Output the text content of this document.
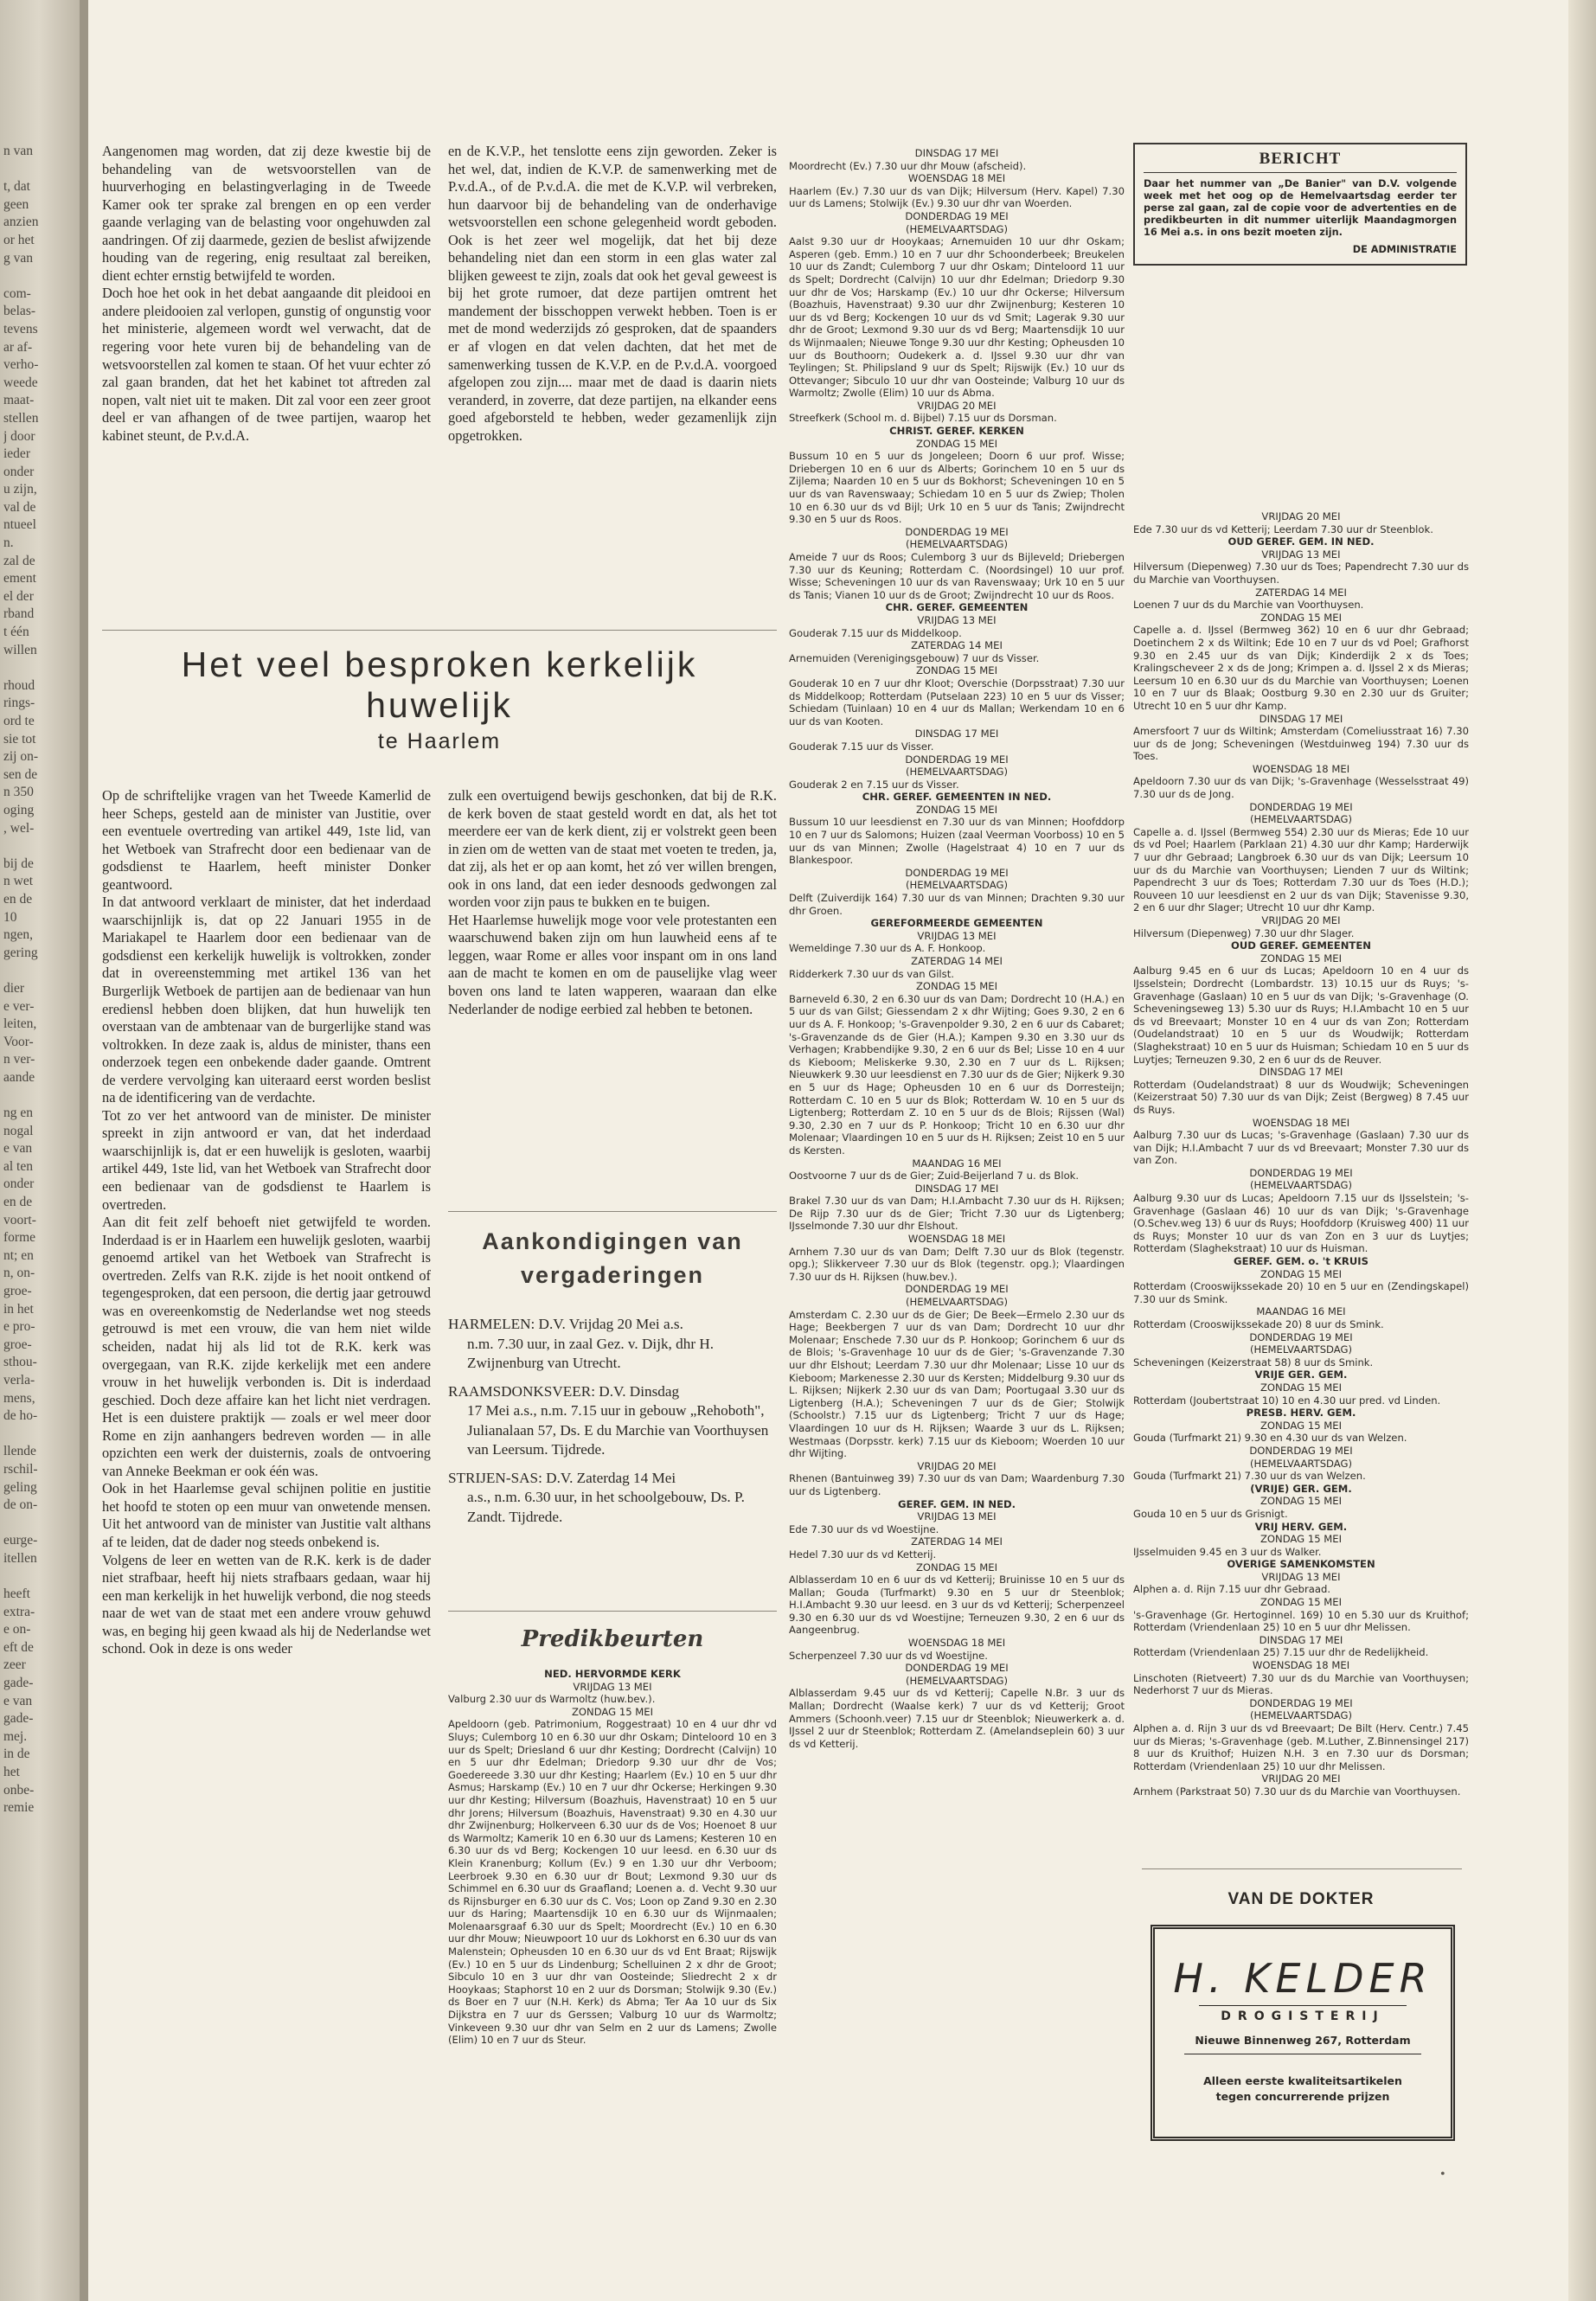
n van
t, dat
geen
anzien
or het
g van
com-
belas-
tevens
ar af-
verho-
weede
maat-
stellen
j door
ieder
onder
u zijn,
val de
ntueel
n.
zal de
ement
el der
rband
t één
willen
rhoud
rings-
ord te
sie tot
zij on-
sen de
n 350
oging
, wel-
bij de
n wet
en de
10
ngen,
gering
dier
e ver-
leiten,
Voor-
n ver-
aande
ng en
nogal
e van
al ten
onder
en de
voort-
forme
nt; en
n, on-
groe-
in het
e pro-
groe-
sthou-
verla-
mens,
de ho-
llende
rschil-
geling
de on-
eurge-
itellen
heeft
extra-
e on-
eft de
zeer
gade-
e van
gade-
mej.
in de
het
onbe-
remie

Aangenomen mag worden, dat zij deze kwestie bij de behandeling van de wetsvoorstellen van de huurverhoging en belastingverlaging in de Tweede Kamer ook ter sprake zal brengen en op een verder gaande verlaging van de belasting voor ongehuwden zal aandringen. Of zij daarmede, gezien de beslist afwijzende houding van de regering, enig resultaat zal bereiken, dient echter ernstig betwijfeld te worden.

Doch hoe het ook in het debat aangaande dit pleidooi en andere pleidooien zal verlopen, gunstig of ongunstig voor het ministerie, algemeen wordt wel verwacht, dat de regering voor hete vuren bij de behandeling van de wetsvoorstellen zal komen te staan. Of het vuur echter zó zal gaan branden, dat het het kabinet tot aftreden zal nopen, valt niet uit te maken. Dit zal voor een zeer groot deel er van afhangen of de twee partijen, waarop het kabinet steunt, de P.v.d.A.

en de K.V.P., het tenslotte eens zijn geworden. Zeker is het wel, dat, indien de K.V.P. de samenwerking met de P.v.d.A., of de P.v.d.A. die met de K.V.P. wil verbreken, hun daarvoor bij de behandeling van de onderhavige wetsvoorstellen een schone gelegenheid wordt geboden. Ook is het zeer wel mogelijk, dat het bij deze behandeling niet dan een storm in een glas water zal blijken geweest te zijn, zoals dat ook het geval geweest is bij het grote rumoer, dat deze partijen omtrent het mandement der bisschoppen verwekt hebben. Toen is er met de mond wederzijds zó gesproken, dat de spaanders er af vlogen en dat velen dachten, dat het met de samenwerking tussen de K.V.P. en de P.v.d.A. voorgoed afgelopen zou zijn.... maar met de daad is daarin niets veranderd, in zoverre, dat deze partijen, na elkander eens goed afgeborsteld te hebben, weder gezamenlijk zijn opgetrokken.

Het veel besproken kerkelijk huwelijk
te Haarlem

Op de schriftelijke vragen van het Tweede Kamerlid de heer Scheps, gesteld aan de minister van Justitie, over een eventuele overtreding van artikel 449, 1ste lid, van het Wetboek van Strafrecht door een bedienaar van de godsdienst te Haarlem, heeft minister Donker geantwoord.

In dat antwoord verklaart de minister, dat het inderdaad waarschijnlijk is, dat op 22 Januari 1955 in de Mariakapel te Haarlem door een bedienaar van de godsdienst een kerkelijk huwelijk is voltrokken, zonder dat in overeenstemming met artikel 136 van het Burgerlijk Wetboek de partijen aan de bedienaar van hun erediensl hebben doen blijken, dat hun huwelijk ten overstaan van de ambtenaar van de burgerlijke stand was voltrokken. In deze zaak is, aldus de minister, thans een onderzoek tegen een onbekende dader gaande. Omtrent de verdere vervolging kan uiteraard eerst worden beslist na de identificering van de verdachte.

Tot zo ver het antwoord van de minister. De minister spreekt in zijn antwoord er van, dat het inderdaad waarschijnlijk is, dat er een huwelijk is gesloten, waarbij artikel 449, 1ste lid, van het Wetboek van Strafrecht door een bedienaar van de godsdienst te Haarlem is overtreden.

Aan dit feit zelf behoeft niet getwijfeld te worden. Inderdaad is er in Haarlem een huwelijk gesloten, waarbij genoemd artikel van het Wetboek van Strafrecht is overtreden. Zelfs van R.K. zijde is het nooit ontkend of tegengesproken, dat een persoon, die dertig jaar getrouwd was en overeenkomstig de Nederlandse wet nog steeds getrouwd is met een vrouw, die van hem niet wilde scheiden, nadat hij als lid tot de R.K. kerk was overgegaan, van R.K. zijde kerkelijk met een andere vrouw in het huwelijk verbonden is. Dit is inderdaad geschied. Doch deze affaire kan het licht niet verdragen. Het is een duistere praktijk — zoals er wel meer door Rome en zijn aanhangers bedreven worden — in alle opzichten een werk der duisternis, zoals de ontvoering van Anneke Beekman er ook één was.

Ook in het Haarlemse geval schijnen politie en justitie het hoofd te stoten op een muur van onwetende mensen. Uit het antwoord van de minister van Justitie valt althans af te leiden, dat de dader nog steeds onbekend is.

Volgens de leer en wetten van de R.K. kerk is de dader niet strafbaar, heeft hij niets strafbaars gedaan, waar hij een man kerkelijk in het huwelijk verbond, die nog steeds naar de wet van de staat met een andere vrouw gehuwd was, en beging hij geen kwaad als hij de Nederlandse wet schond. Ook in deze is ons weder

zulk een overtuigend bewijs geschonken, dat bij de R.K. de kerk boven de staat gesteld wordt en dat, als het tot meerdere eer van de kerk dient, zij er volstrekt geen been in zien om de wetten van de staat met voeten te treden, ja, dat zij, als het er op aan komt, het zó ver willen brengen, ook in ons land, dat een ieder desnoods gedwongen zal worden voor zijn paus te bukken en te buigen.

Het Haarlemse huwelijk moge voor vele protestanten een waarschuwend baken zijn om hun lauwheid eens af te leggen, waar Rome er alles voor inspant om in ons land aan de macht te komen en om de pauselijke vlag weer boven ons land te laten wapperen, waaraan dan elke Nederlander de nodige eerbied zal hebben te betonen.

Aankondigingen van
vergaderingen
HARMELEN: D.V. Vrijdag 20 Mei a.s.
n.m. 7.30 uur, in zaal Gez. v. Dijk, dhr H. Zwijnenburg van Utrecht.
RAAMSDONKSVEER: D.V. Dinsdag
17 Mei a.s., n.m. 7.15 uur in gebouw „Rehoboth", Julianalaan 57, Ds. E du Marchie van Voorthuysen van Leersum. Tijdrede.
STRIJEN-SAS: D.V. Zaterdag 14 Mei
a.s., n.m. 6.30 uur, in het schoolgebouw, Ds. P. Zandt. Tijdrede.
Predikbeurten
NED. HERVORMDE KERK
VRIJDAG 13 MEI
Valburg 2.30 uur ds Warmoltz (huw.bev.).
ZONDAG 15 MEI
Apeldoorn (geb. Patrimonium, Roggestraat) 10 en 4 uur dhr vd Sluys; Culemborg 10 en 6.30 uur dhr Oskam; Dinteloord 10 en 3 uur ds Spelt; Driesland 6 uur dhr Kesting; Dordrecht (Calvijn) 10 en 5 uur dhr Edelman; Driedorp 9.30 uur dhr de Vos; Goedereede 3.30 uur dhr Kesting; Haarlem (Ev.) 10 en 5 uur dhr Asmus; Harskamp (Ev.) 10 en 7 uur dhr Ockerse; Herkingen 9.30 uur dhr Kesting; Hilversum (Boazhuis, Havenstraat) 10 en 5 uur dhr Jorens; Hilversum (Boazhuis, Havenstraat) 9.30 en 4.30 uur dhr Zwijnenburg; Holkerveen 6.30 uur ds de Vos; Hoenoet 8 uur ds Warmoltz; Kamerik 10 en 6.30 uur ds Lamens; Kesteren 10 en 6.30 uur ds vd Berg; Kockengen 10 uur leesd. en 6.30 uur ds Klein Kranenburg; Kollum (Ev.) 9 en 1.30 uur dhr Verboom; Leerbroek 9.30 en 6.30 uur dr Bout; Lexmond 9.30 uur ds Schimmel en 6.30 uur ds Graafland; Loenen a. d. Vecht 9.30 uur ds Rijnsburger en 6.30 uur ds C. Vos; Loon op Zand 9.30 en 2.30 uur ds Haring; Maartensdijk 10 en 6.30 uur ds Wijnmaalen; Molenaarsgraaf 6.30 uur ds Spelt; Moordrecht (Ev.) 10 en 6.30 uur dhr Mouw; Nieuwpoort 10 uur ds Lokhorst en 6.30 uur ds van Malenstein; Opheusden 10 en 6.30 uur ds vd Ent Braat; Rijswijk (Ev.) 10 en 5 uur ds Lindenburg; Schelluinen 2 x dhr de Groot; Sibculo 10 en 3 uur dhr van Oosteinde; Sliedrecht 2 x dr Hooykaas; Staphorst 10 en 2 uur ds Dorsman; Stolwijk 9.30 (Ev.) ds Boer en 7 uur (N.H. Kerk) ds Abma; Ter Aa 10 uur ds Six Dijkstra en 7 uur ds Gerssen; Valburg 10 uur ds Warmoltz; Vinkeveen 9.30 uur dhr van Selm en 2 uur ds Lamens; Zwolle (Elim) 10 en 7 uur ds Steur.
DINSDAG 17 MEI
Moordrecht (Ev.) 7.30 uur dhr Mouw (afscheid).
WOENSDAG 18 MEI
Haarlem (Ev.) 7.30 uur ds van Dijk; Hilversum (Herv. Kapel) 7.30 uur ds Lamens; Stolwijk (Ev.) 9.30 uur dhr van Woerden.
DONDERDAG 19 MEI
(HEMELVAARTSDAG)
Aalst 9.30 uur dr Hooykaas; Arnemuiden 10 uur dhr Oskam; Asperen (geb. Emm.) 10 en 7 uur dhr Schoonderbeek; Breukelen 10 uur ds Zandt; Culemborg 7 uur dhr Oskam; Dinteloord 11 uur ds Spelt; Dordrecht (Calvijn) 10 uur dhr Edelman; Driedorp 9.30 uur dhr de Vos; Harskamp (Ev.) 10 uur dhr Ockerse; Hilversum (Boazhuis, Havenstraat) 9.30 uur dhr Zwijnenburg; Kesteren 10 uur ds vd Berg; Kockengen 10 uur ds vd Smit; Lagerak 9.30 uur dhr de Groot; Lexmond 9.30 uur ds vd Berg; Maartensdijk 10 uur ds Wijnmaalen; Nieuwe Tonge 9.30 uur dhr Kesting; Opheusden 10 uur ds Bouthoorn; Oudekerk a. d. IJssel 9.30 uur dhr van Teylingen; St. Philipsland 9 uur ds Spelt; Rijswijk (Ev.) 10 uur ds Ottevanger; Sibculo 10 uur dhr van Oosteinde; Valburg 10 uur ds Warmoltz; Zwolle (Elim) 10 uur ds Abma.
VRIJDAG 20 MEI
Streefkerk (School m. d. Bijbel) 7.15 uur ds Dorsman.
CHRIST. GEREF. KERKEN
ZONDAG 15 MEI
Bussum 10 en 5 uur ds Jongeleen; Doorn 6 uur prof. Wisse; Driebergen 10 en 6 uur ds Alberts; Gorinchem 10 en 5 uur ds Zijlema; Naarden 10 en 5 uur ds Bokhorst; Scheveningen 10 en 5 uur ds van Ravenswaay; Schiedam 10 en 5 uur ds Zwiep; Tholen 10 en 6.30 uur ds vd Bijl; Urk 10 en 5 uur ds Tanis; Zwijndrecht 9.30 en 5 uur ds Roos.
DONDERDAG 19 MEI
(HEMELVAARTSDAG)
Ameide 7 uur ds Roos; Culemborg 3 uur ds Bijleveld; Driebergen 7.30 uur ds Keuning; Rotterdam C. (Noordsingel) 10 uur prof. Wisse; Scheveningen 10 uur ds van Ravenswaay; Urk 10 en 5 uur ds Tanis; Vianen 10 uur ds de Groot; Zwijndrecht 10 uur ds Roos.
CHR. GEREF. GEMEENTEN
VRIJDAG 13 MEI
Gouderak 7.15 uur ds Middelkoop.
ZATERDAG 14 MEI
Arnemuiden (Verenigingsgebouw) 7 uur ds Visser.
ZONDAG 15 MEI
Gouderak 10 en 7 uur dhr Kloot; Overschie (Dorpsstraat) 7.30 uur ds Middelkoop; Rotterdam (Putselaan 223) 10 en 5 uur ds Visser; Schiedam (Tuinlaan) 10 en 4 uur ds Mallan; Werkendam 10 en 6 uur ds van Kooten.
DINSDAG 17 MEI
Gouderak 7.15 uur ds Visser.
DONDERDAG 19 MEI
(HEMELVAARTSDAG)
Gouderak 2 en 7.15 uur ds Visser.
CHR. GEREF. GEMEENTEN IN NED.
ZONDAG 15 MEI
Bussum 10 uur leesdienst en 7.30 uur ds van Minnen; Hoofddorp 10 en 7 uur ds Salomons; Huizen (zaal Veerman Voorboss) 10 en 5 uur ds van Minnen; Zwolle (Hagelstraat 4) 10 en 7 uur ds Blankespoor.
DONDERDAG 19 MEI
(HEMELVAARTSDAG)
Delft (Zuiverdijk 164) 7.30 uur ds van Minnen; Drachten 9.30 uur dhr Groen.
GEREFORMEERDE GEMEENTEN
VRIJDAG 13 MEI
Wemeldinge 7.30 uur ds A. F. Honkoop.
ZATERDAG 14 MEI
Ridderkerk 7.30 uur ds van Gilst.
ZONDAG 15 MEI
Barneveld 6.30, 2 en 6.30 uur ds van Dam; Dordrecht 10 (H.A.) en 5 uur ds van Gilst; Giessendam 2 x dhr Wijting; Goes 9.30, 2 en 6 uur ds A. F. Honkoop; 's-Gravenpolder 9.30, 2 en 6 uur ds Cabaret; 's-Gravenzande ds de Gier (H.A.); Kampen 9.30 en 3.30 uur ds Verhagen; Krabbendijke 9.30, 2 en 6 uur ds Bel; Lisse 10 en 4 uur ds Kieboom; Meliskerke 9.30, 2.30 en 7 uur ds L. Rijksen; Nieuwkerk 9.30 uur leesdienst en 7.30 uur ds de Gier; Nijkerk 9.30 en 5 uur ds Hage; Opheusden 10 en 6 uur ds Dorresteijn; Rotterdam C. 10 en 5 uur ds Blok; Rotterdam W. 10 en 5 uur ds Ligtenberg; Rotterdam Z. 10 en 5 uur ds de Blois; Rijssen (Wal) 9.30, 2.30 en 7 uur ds P. Honkoop; Tricht 10 en 6.30 uur dhr Molenaar; Vlaardingen 10 en 5 uur ds H. Rijksen; Zeist 10 en 5 uur ds Kersten.
MAANDAG 16 MEI
Oostvoorne 7 uur ds de Gier; Zuid-Beijerland 7 u. ds Blok.
DINSDAG 17 MEI
Brakel 7.30 uur ds van Dam; H.I.Ambacht 7.30 uur ds H. Rijksen; De Rijp 7.30 uur ds de Gier; Tricht 7.30 uur ds Ligtenberg; IJsselmonde 7.30 uur dhr Elshout.
WOENSDAG 18 MEI
Arnhem 7.30 uur ds van Dam; Delft 7.30 uur ds Blok (tegenstr. opg.); Slikkerveer 7.30 uur ds Blok (tegenstr. opg.); Vlaardingen 7.30 uur ds H. Rijksen (huw.bev.).
DONDERDAG 19 MEI
(HEMELVAARTSDAG)
Amsterdam C. 2.30 uur ds de Gier; De Beek—Ermelo 2.30 uur ds Hage; Beekbergen 7 uur ds van Dam; Dordrecht 10 uur dhr Molenaar; Enschede 7.30 uur ds P. Honkoop; Gorinchem 6 uur ds de Blois; 's-Gravenhage 10 uur ds de Gier; 's-Gravenzande 7.30 uur dhr Elshout; Leerdam 7.30 uur dhr Molenaar; Lisse 10 uur ds Kieboom; Markenesse 2.30 uur ds Kersten; Middelburg 9.30 uur ds L. Rijksen; Nijkerk 2.30 uur ds van Dam; Poortugaal 3.30 uur ds Ligtenberg (H.A.); Scheveningen 7 uur ds de Gier; Stolwijk (Schoolstr.) 7.15 uur ds Ligtenberg; Tricht 7 uur ds Hage; Vlaardingen 10 uur ds H. Rijksen; Waarde 3 uur ds L. Rijksen; Westmaas (Dorpsstr. kerk) 7.15 uur ds Kieboom; Woerden 10 uur dhr Wijting.
VRIJDAG 20 MEI
Rhenen (Bantuinweg 39) 7.30 uur ds van Dam; Waardenburg 7.30 uur ds Ligtenberg.
GEREF. GEM. IN NED.
VRIJDAG 13 MEI
Ede 7.30 uur ds vd Woestijne.
ZATERDAG 14 MEI
Hedel 7.30 uur ds vd Ketterij.
ZONDAG 15 MEI
Alblasserdam 10 en 6 uur ds vd Ketterij; Bruinisse 10 en 5 uur ds Mallan; Gouda (Turfmarkt) 9.30 en 5 uur dr Steenblok; H.I.Ambacht 9.30 uur leesd. en 3 uur ds vd Ketterij; Scherpenzeel 9.30 en 6.30 uur ds vd Woestijne; Terneuzen 9.30, 2 en 6 uur ds Aangeenbrug.
WOENSDAG 18 MEI
Scherpenzeel 7.30 uur ds vd Woestijne.
DONDERDAG 19 MEI
(HEMELVAARTSDAG)
Alblasserdam 9.45 uur ds vd Ketterij; Capelle N.Br. 3 uur ds Mallan; Dordrecht (Waalse kerk) 7 uur ds vd Ketterij; Groot Ammers (Schoonh.veer) 7.15 uur dr Steenblok; Nieuwerkerk a. d. IJssel 2 uur dr Steenblok; Rotterdam Z. (Amelandseplein 60) 3 uur ds vd Ketterij.
VRIJDAG 20 MEI
Ede 7.30 uur ds vd Ketterij; Leerdam 7.30 uur dr Steenblok.
OUD GEREF. GEM. IN NED.
VRIJDAG 13 MEI
Hilversum (Diepenweg) 7.30 uur ds Toes; Papendrecht 7.30 uur ds du Marchie van Voorthuysen.
ZATERDAG 14 MEI
Loenen 7 uur ds du Marchie van Voorthuysen.
ZONDAG 15 MEI
Capelle a. d. IJssel (Bermweg 362) 10 en 6 uur dhr Gebraad; Doetinchem 2 x ds Wiltink; Ede 10 en 7 uur ds vd Poel; Grafhorst 9.30 en 2.45 uur ds van Dijk; Kinderdijk 2 x ds Toes; Kralingscheveer 2 x ds de Jong; Krimpen a. d. IJssel 2 x ds Mieras; Leersum 10 en 6.30 uur ds du Marchie van Voorthuysen; Loenen 10 en 7 uur ds Blaak; Oostburg 9.30 en 2.30 uur ds Gruiter; Utrecht 10 en 5 uur dhr Kamp.
DINSDAG 17 MEI
Amersfoort 7 uur ds Wiltink; Amsterdam (Comeliusstraat 16) 7.30 uur ds de Jong; Scheveningen (Westduinweg 194) 7.30 uur ds Toes.
WOENSDAG 18 MEI
Apeldoorn 7.30 uur ds van Dijk; 's-Gravenhage (Wesselsstraat 49) 7.30 uur ds de Jong.
DONDERDAG 19 MEI
(HEMELVAARTSDAG)
Capelle a. d. IJssel (Bermweg 554) 2.30 uur ds Mieras; Ede 10 uur ds vd Poel; Haarlem (Parklaan 21) 4.30 uur dhr Kamp; Harderwijk 7 uur dhr Gebraad; Langbroek 6.30 uur ds van Dijk; Leersum 10 uur ds du Marchie van Voorthuysen; Lienden 7 uur ds Wiltink; Papendrecht 3 uur ds Toes; Rotterdam 7.30 uur ds Toes (H.D.); Rouveen 10 uur leesdienst en 2 uur ds van Dijk; Stavenisse 9.30, 2 en 6 uur dhr Slager; Utrecht 10 uur dhr Kamp.
VRIJDAG 20 MEI
Hilversum (Diepenweg) 7.30 uur dhr Slager.
OUD GEREF. GEMEENTEN
ZONDAG 15 MEI
Aalburg 9.45 en 6 uur ds Lucas; Apeldoorn 10 en 4 uur ds IJsselstein; Dordrecht (Lombardstr. 13) 10.15 uur ds Ruys; 's-Gravenhage (Gaslaan) 10 en 5 uur ds van Dijk; 's-Gravenhage (O. Scheveningseweg 13) 5.30 uur ds Ruys; H.I.Ambacht 10 en 5 uur ds vd Breevaart; Monster 10 en 4 uur ds van Zon; Rotterdam (Oudelandstraat) 10 en 5 uur ds Woudwijk; Rotterdam (Slaghekstraat) 10 en 5 uur ds Huisman; Schiedam 10 en 5 uur ds Luytjes; Terneuzen 9.30, 2 en 6 uur ds de Reuver.
DINSDAG 17 MEI
Rotterdam (Oudelandstraat) 8 uur ds Woudwijk; Scheveningen (Keizerstraat 50) 7.30 uur ds van Dijk; Zeist (Bergweg) 8 7.45 uur ds Ruys.
WOENSDAG 18 MEI
Aalburg 7.30 uur ds Lucas; 's-Gravenhage (Gaslaan) 7.30 uur ds van Dijk; H.I.Ambacht 7 uur ds vd Breevaart; Monster 7.30 uur ds van Zon.
DONDERDAG 19 MEI
(HEMELVAARTSDAG)
Aalburg 9.30 uur ds Lucas; Apeldoorn 7.15 uur ds IJsselstein; 's-Gravenhage (Gaslaan 46) 10 uur ds van Dijk; 's-Gravenhage (O.Schev.weg 13) 6 uur ds Ruys; Hoofddorp (Kruisweg 400) 11 uur ds Ruys; Monster 10 uur ds van Zon en 3 uur ds Luytjes; Rotterdam (Slaghekstraat) 10 uur ds Huisman.
GEREF. GEM. o. 't KRUIS
ZONDAG 15 MEI
Rotterdam (Crooswijkssekade 20) 10 en 5 uur en (Zendingskapel) 7.30 uur ds Smink.
MAANDAG 16 MEI
Rotterdam (Crooswijkssekade 20) 8 uur ds Smink.
DONDERDAG 19 MEI
(HEMELVAARTSDAG)
Scheveningen (Keizerstraat 58) 8 uur ds Smink.
VRIJE GER. GEM.
ZONDAG 15 MEI
Rotterdam (Joubertstraat 10) 10 en 4.30 uur pred. vd Linden.
PRESB. HERV. GEM.
ZONDAG 15 MEI
Gouda (Turfmarkt 21) 9.30 en 4.30 uur ds van Welzen.
DONDERDAG 19 MEI
(HEMELVAARTSDAG)
Gouda (Turfmarkt 21) 7.30 uur ds van Welzen.
(VRIJE) GER. GEM.
ZONDAG 15 MEI
Gouda 10 en 5 uur ds Grisnigt.
VRIJ HERV. GEM.
ZONDAG 15 MEI
IJsselmuiden 9.45 en 3 uur ds Walker.
OVERIGE SAMENKOMSTEN
VRIJDAG 13 MEI
Alphen a. d. Rijn 7.15 uur dhr Gebraad.
ZONDAG 15 MEI
's-Gravenhage (Gr. Hertoginnel. 169) 10 en 5.30 uur ds Kruithof; Rotterdam (Vriendenlaan 25) 10 en 5 uur dhr Melissen.
DINSDAG 17 MEI
Rotterdam (Vriendenlaan 25) 7.15 uur dhr de Redelijkheid.
WOENSDAG 18 MEI
Linschoten (Rietveert) 7.30 uur ds du Marchie van Voorthuysen; Nederhorst 7 uur ds Mieras.
DONDERDAG 19 MEI
(HEMELVAARTSDAG)
Alphen a. d. Rijn 3 uur ds vd Breevaart; De Bilt (Herv. Centr.) 7.45 uur ds Mieras; 's-Gravenhage (geb. M.Luther, Z.Binnensingel 217) 8 uur ds Kruithof; Huizen N.H. 3 en 7.30 uur ds Dorsman; Rotterdam (Vriendenlaan 25) 10 uur dhr Melissen.
VRIJDAG 20 MEI
Arnhem (Parkstraat 50) 7.30 uur ds du Marchie van Voorthuysen.
BERICHT
Daar het nummer van „De Banier" van D.V. volgende week met het oog op de Hemelvaartsdag eerder ter perse zal gaan, zal de copie voor de advertenties en de predikbeurten in dit nummer uiterlijk Maandagmorgen 16 Mei a.s. in ons bezit moeten zijn.
DE ADMINISTRATIE
VAN DE DOKTER
H. KELDER
DROGISTERIJ
Nieuwe Binnenweg 267, Rotterdam
Alleen eerste kwaliteitsartikelen
tegen concurrerende prijzen
•
